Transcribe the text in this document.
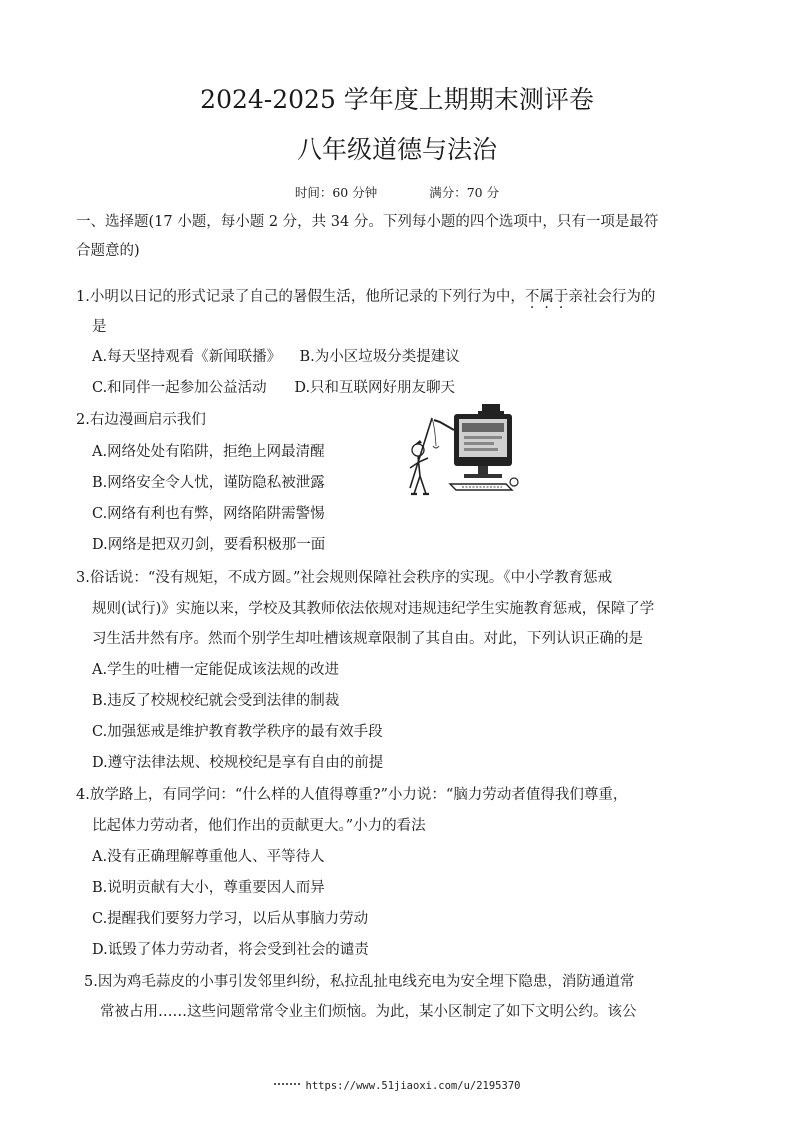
2024-2025 学年度上期期末测评卷
八年级道德与法治
时间：60 分钟	满分：70 分
一、选择题(17 小题，每小题 2 分，共 34 分。下列每小题的四个选项中，只有一项是最符
合题意的)
1.小明以日记的形式记录了自己的暑假生活，他所记录的下列行为中，不属于亲社会行为的
是
A.每天坚持观看《新闻联播》    B.为小区垃圾分类提建议
C.和同伴一起参加公益活动      D.只和互联网好朋友聊天
2.右边漫画启示我们
A.网络处处有陷阱，拒绝上网最清醒
B.网络安全令人忧，谨防隐私被泄露
C.网络有利也有弊，网络陷阱需警惕
D.网络是把双刃剑，要看积极那一面
3.俗话说：“没有规矩，不成方圆。”社会规则保障社会秩序的实现。《中小学教育惩戒
规则(试行)》实施以来，学校及其教师依法依规对违规违纪学生实施教育惩戒，保障了学
习生活井然有序。然而个别学生却吐槽该规章限制了其自由。对此，下列认识正确的是
A.学生的吐槽一定能促成该法规的改进
B.违反了校规校纪就会受到法律的制裁
C.加强惩戒是维护教育教学秩序的最有效手段
D.遵守法律法规、校规校纪是享有自由的前提
4.放学路上，有同学问：“什么样的人值得尊重?”小力说：“脑力劳动者值得我们尊重，
比起体力劳动者，他们作出的贡献更大。”小力的看法
A.没有正确理解尊重他人、平等待人
B.说明贡献有大小，尊重要因人而异
C.提醒我们要努力学习，以后从事脑力劳动
D.诋毁了体力劳动者，将会受到社会的谴责
5.因为鸡毛蒜皮的小事引发邻里纠纷，私拉乱扯电线充电为安全埋下隐患，消防通道常
常被占用……这些问题常常令业主们烦恼。为此，某小区制定了如下文明公约。该公
https://www.51jiaoxi.com/u/2195370
